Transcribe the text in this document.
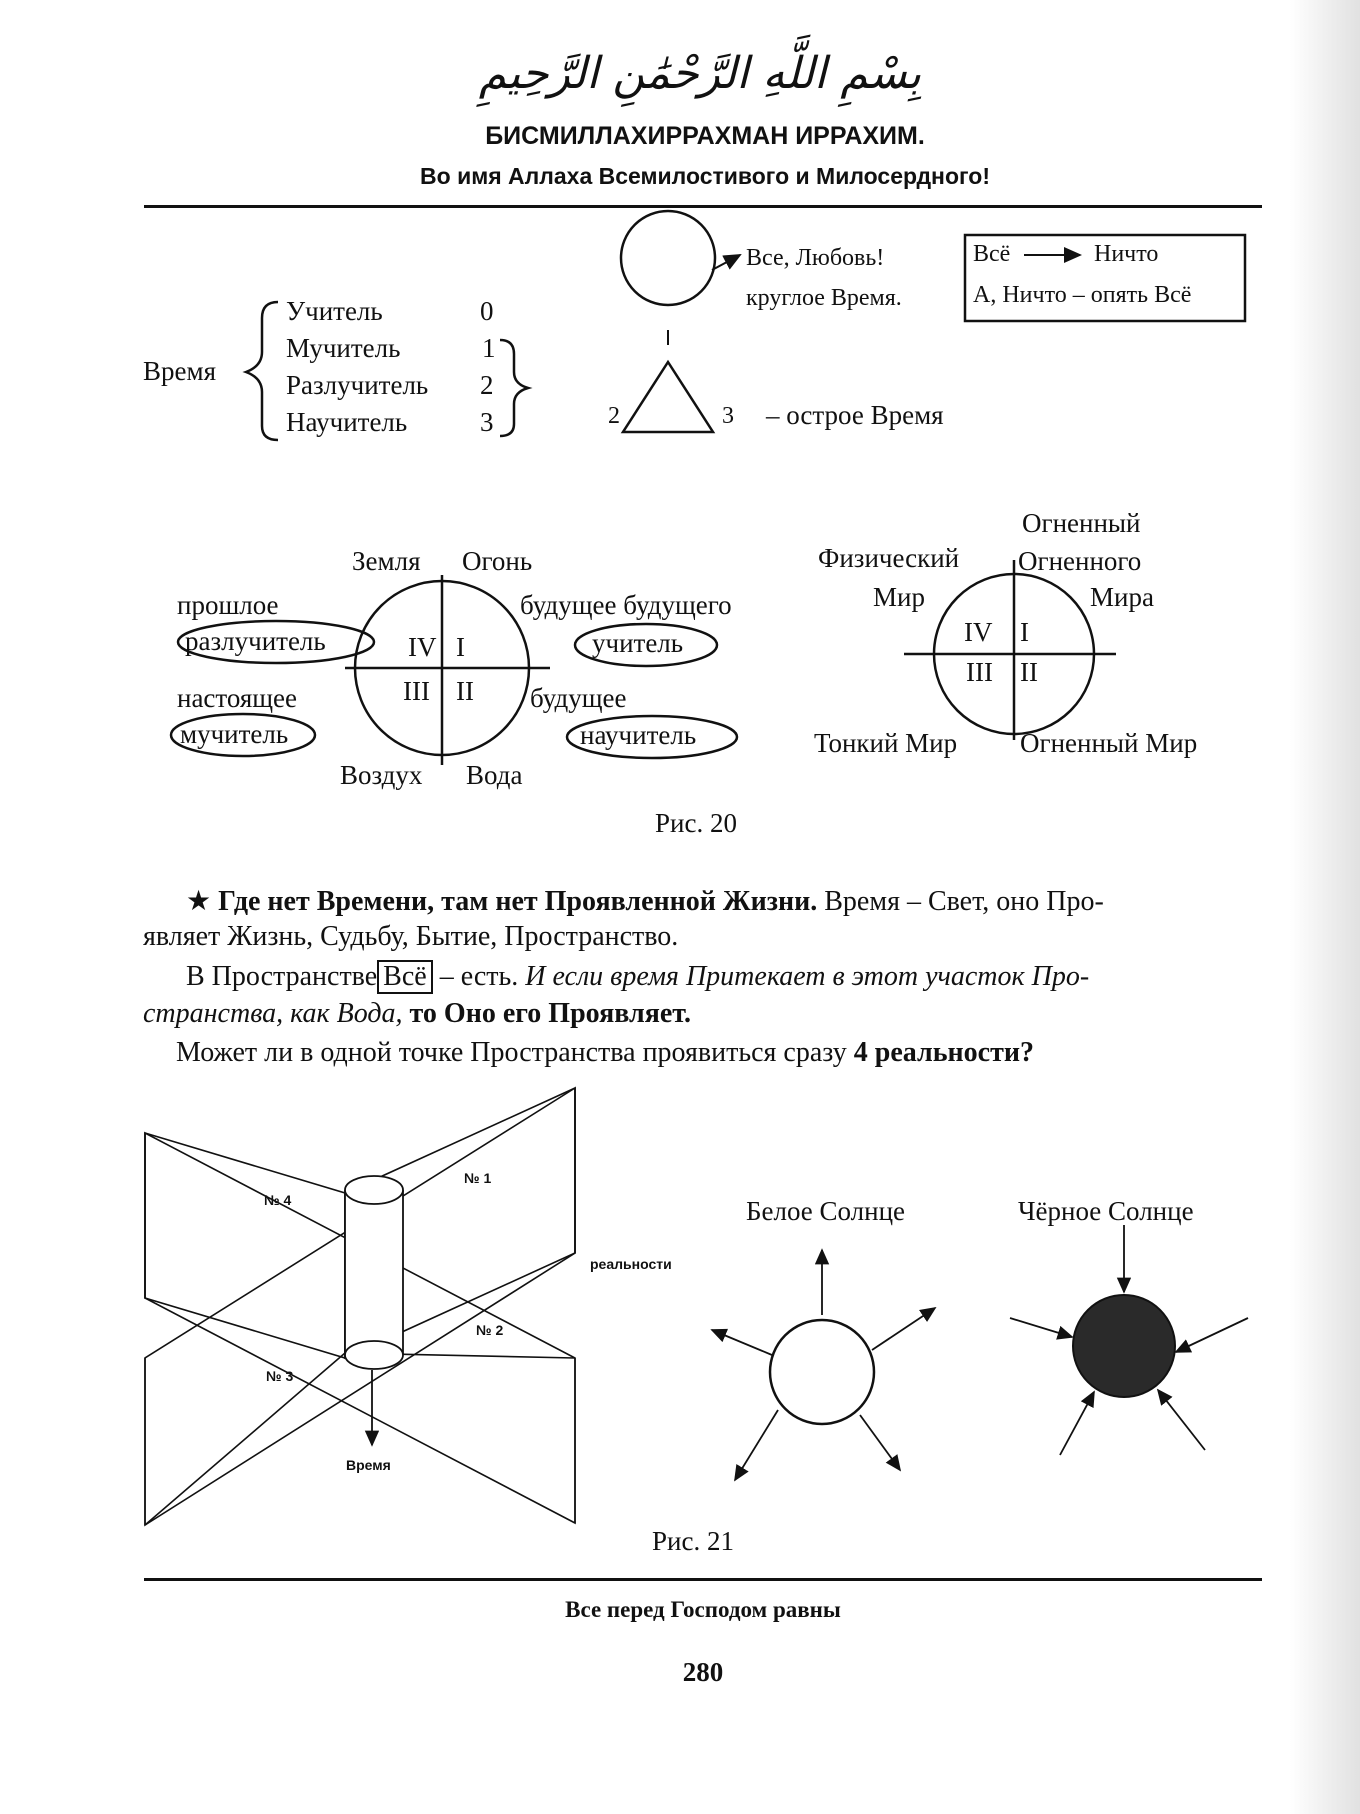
بِسْمِ اللَّهِ الرَّحْمَٰنِ الرَّحِيمِ
БИСМИЛЛАХИРРАХМАН ИРРАХИМ.
Во имя Аллаха Всемилостивого и Милосердного!
Время
Учитель	0
Мучитель	1
Разлучитель 2
Научитель	3
Все, Любовь!
круглое Время.
2	3 – острое Время
Всё	Ничто
А, Ничто – опять Всё
Земля Огонь
прошлое
разлучитель
настоящее
мучитель
будущее будущего
учитель
будущее
научитель
IV I
III II
Воздух Вода
Огненный
Физический
Мир
Огненного
Мира
IV I
III II
Тонкий Мир Огненный Мир
Рис. 20
★ Где нет Времени, там нет Проявленной Жизни. Время – Свет, оно Про-
являет Жизнь, Судьбу, Бытие, Пространство.
В Пространстве Всё – есть. И если время Притекает в этот участок Про-
странства, как Вода, то Оно его Проявляет.
Может ли в одной точке Пространства проявиться сразу 4 реальности?
№ 4
№ 1
№ 2
№ 3
реальности
Время
Белое Солнце	Чёрное Солнце
Рис. 21
Все перед Господом равны
280
